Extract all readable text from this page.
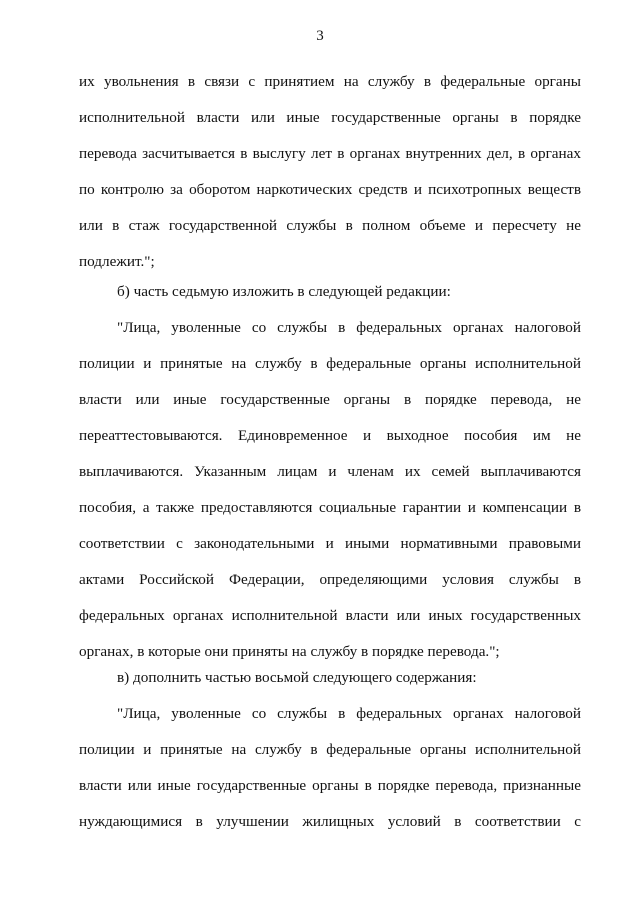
3
их увольнения в связи с принятием на службу в федеральные органы
исполнительной власти или иные государственные органы в порядке
перевода засчитывается в выслугу лет в органах внутренних дел, в органах
по контролю за оборотом наркотических средств и психотропных веществ
или в стаж государственной службы в полном объеме и пересчету не
подлежит.";
б) часть седьмую изложить в следующей редакции:
"Лица, уволенные со службы в федеральных органах налоговой
полиции и принятые на службу в федеральные органы исполнительной
власти или иные государственные органы в порядке перевода, не
переаттестовываются. Единовременное и выходное пособия им не
выплачиваются. Указанным лицам и членам их семей выплачиваются
пособия, а также предоставляются социальные гарантии и компенсации в
соответствии с законодательными и иными нормативными правовыми
актами Российской Федерации, определяющими условия службы в
федеральных органах исполнительной власти или иных государственных
органах, в которые они приняты на службу в порядке перевода.";
в) дополнить частью восьмой следующего содержания:
"Лица, уволенные со службы в федеральных органах налоговой
полиции и принятые на службу в федеральные органы исполнительной
власти или иные государственные органы в порядке перевода, признанные
нуждающимися в улучшении жилищных условий в соответствии с
